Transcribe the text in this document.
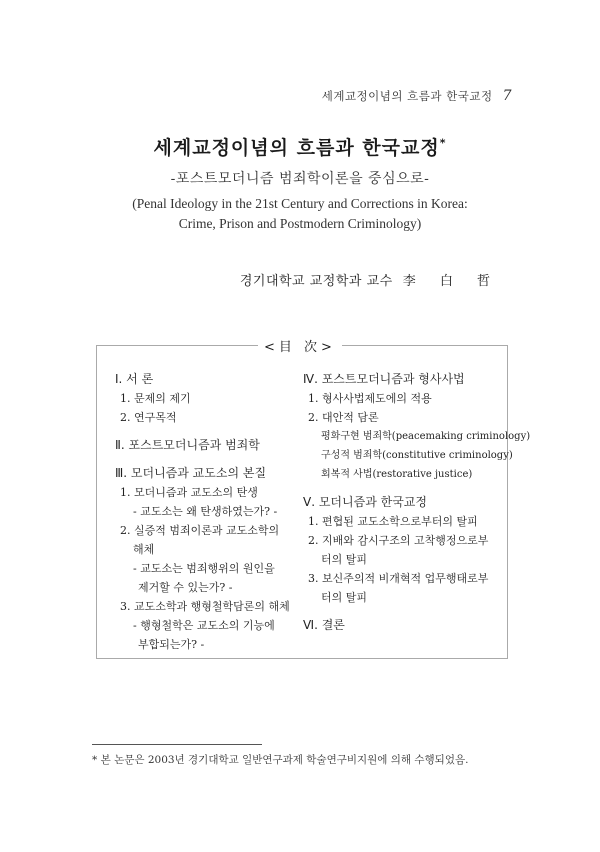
세계교정이념의 흐름과 한국교정 7
세계교정이념의 흐름과 한국교정*
-포스트모더니즘 범죄학이론을 중심으로-
(Penal Ideology in the 21st Century and Corrections in Korea:
Crime, Prison and Postmodern Criminology)
경기대학교 교정학과 교수 李 白 哲
<目 次>
Ⅰ. 서 론
1. 문제의 제기
2. 연구목적
Ⅱ. 포스트모더니즘과 범죄학
Ⅲ. 모더니즘과 교도소의 본질
1. 모더니즘과 교도소의 탄생
- 교도소는 왜 탄생하였는가? -
2. 실증적 범죄이론과 교도소학의
해체
- 교도소는 범죄행위의 원인을
제거할 수 있는가? -
3. 교도소학과 행형철학담론의 해체
- 행형철학은 교도소의 기능에
부합되는가? -
Ⅳ. 포스트모더니즘과 형사사법
1. 형사사법제도에의 적용
2. 대안적 담론
평화구현 범죄학(peacemaking criminology)
구성적 범죄학(constitutive criminology)
회복적 사법(restorative justice)
Ⅴ. 모더니즘과 한국교정
1. 편협된 교도소학으로부터의 탈피
2. 지배와 감시구조의 고착행정으로부
터의 탈피
3. 보신주의적 비개혁적 업무행태로부
터의 탈피
Ⅵ. 결론
* 본 논문은 2003년 경기대학교 일반연구과제 학술연구비지원에 의해 수행되었음.
